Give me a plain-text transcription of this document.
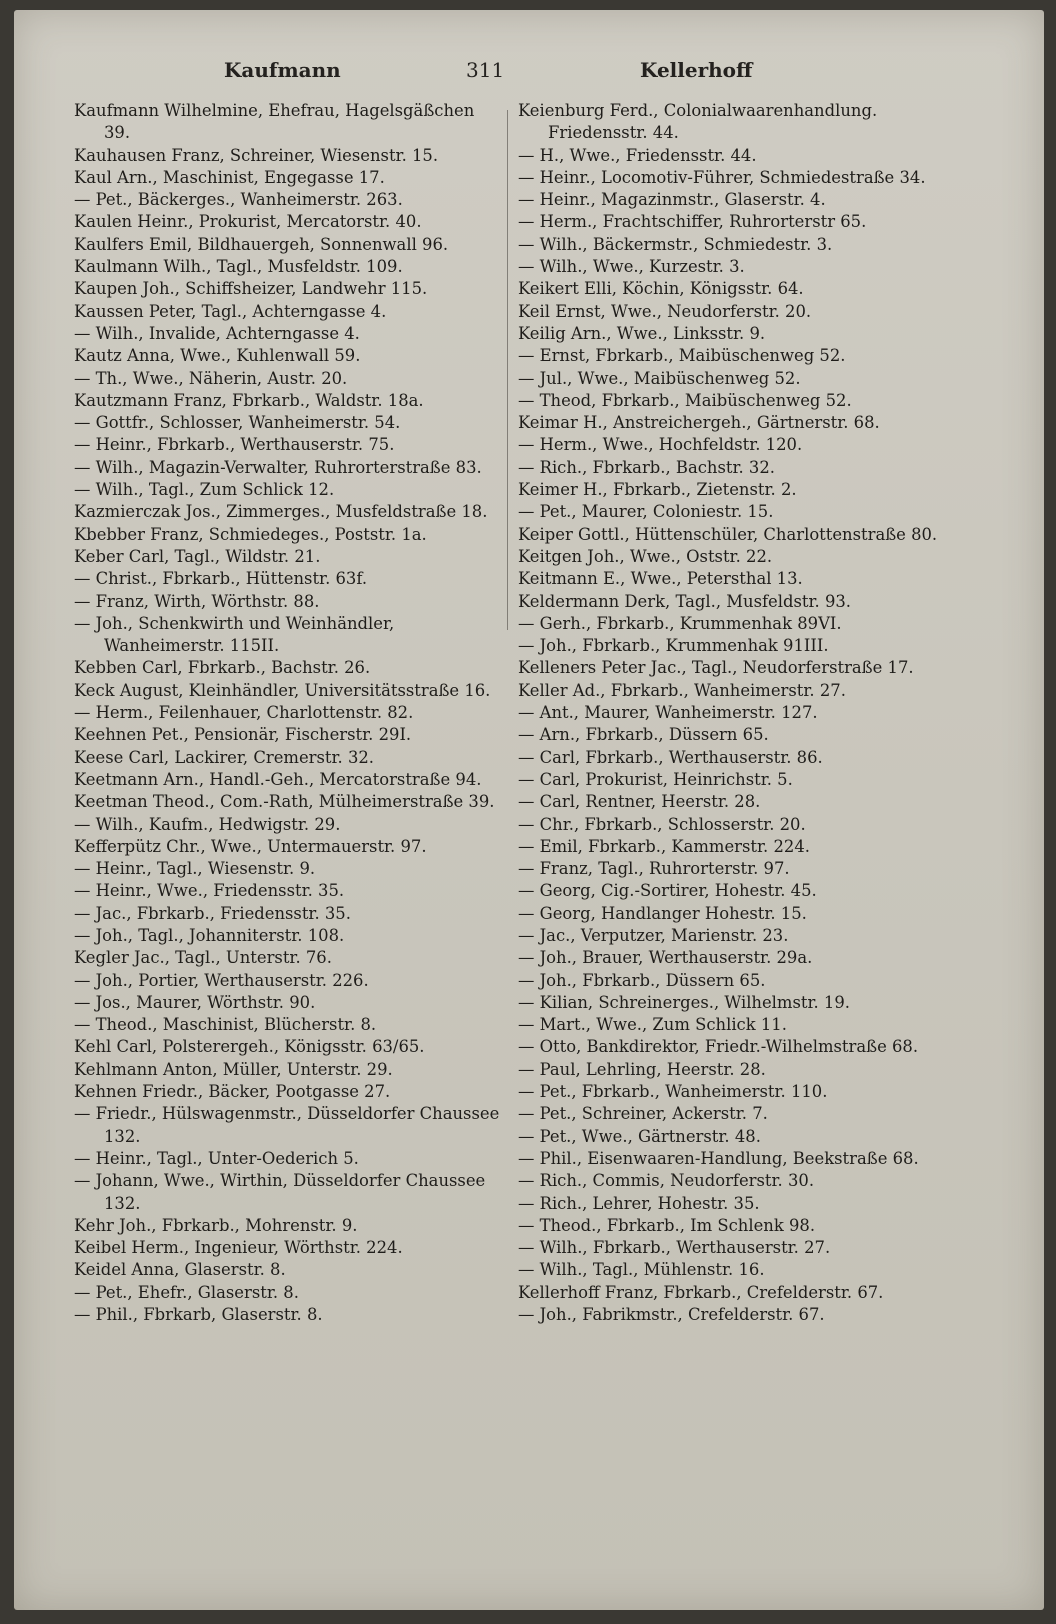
Kaufmann	311	Kellerhoff

Kaufmann Wilhelmine, Ehefrau, Hagelsgäßchen 39.

Kauhausen Franz, Schreiner, Wiesenstr. 15.

Kaul Arn., Maschinist, Engegasse 17.

— Pet., Bäckerges., Wanheimerstr. 263.

Kaulen Heinr., Prokurist, Mercatorstr. 40.

Kaulfers Emil, Bildhauergeh, Sonnenwall 96.

Kaulmann Wilh., Tagl., Musfeldstr. 109.

Kaupen Joh., Schiffsheizer, Landwehr 115.

Kaussen Peter, Tagl., Achterngasse 4.

— Wilh., Invalide, Achterngasse 4.

Kautz Anna, Wwe., Kuhlenwall 59.

— Th., Wwe., Näherin, Austr. 20.

Kautzmann Franz, Fbrkarb., Waldstr. 18a.

— Gottfr., Schlosser, Wanheimerstr. 54.

— Heinr., Fbrkarb., Werthauserstr. 75.

— Wilh., Magazin-Verwalter, Ruhrorterstraße 83.

— Wilh., Tagl., Zum Schlick 12.

Kazmierczak Jos., Zimmerges., Musfeldstraße 18.

Kbebber Franz, Schmiedeges., Poststr. 1a.

Keber Carl, Tagl., Wildstr. 21.

— Christ., Fbrkarb., Hüttenstr. 63f.

— Franz, Wirth, Wörthstr. 88.

— Joh., Schenkwirth und Weinhändler, Wanheimerstr. 115II.

Kebben Carl, Fbrkarb., Bachstr. 26.

Keck August, Kleinhändler, Universitätsstraße 16.

— Herm., Feilenhauer, Charlottenstr. 82.

Keehnen Pet., Pensionär, Fischerstr. 29I.

Keese Carl, Lackirer, Cremerstr. 32.

Keetmann Arn., Handl.-Geh., Mercatorstraße 94.

Keetman Theod., Com.-Rath, Mülheimerstraße 39.

— Wilh., Kaufm., Hedwigstr. 29.

Kefferpütz Chr., Wwe., Untermauerstr. 97.

— Heinr., Tagl., Wiesenstr. 9.

— Heinr., Wwe., Friedensstr. 35.

— Jac., Fbrkarb., Friedensstr. 35.

— Joh., Tagl., Johanniterstr. 108.

Kegler Jac., Tagl., Unterstr. 76.

— Joh., Portier, Werthauserstr. 226.

— Jos., Maurer, Wörthstr. 90.

— Theod., Maschinist, Blücherstr. 8.

Kehl Carl, Polsterergeh., Königsstr. 63/65.

Kehlmann Anton, Müller, Unterstr. 29.

Kehnen Friedr., Bäcker, Pootgasse 27.

— Friedr., Hülswagenmstr., Düsseldorfer Chaussee 132.

— Heinr., Tagl., Unter-Oederich 5.

— Johann, Wwe., Wirthin, Düsseldorfer Chaussee 132.

Kehr Joh., Fbrkarb., Mohrenstr. 9.

Keibel Herm., Ingenieur, Wörthstr. 224.

Keidel Anna, Glaserstr. 8.

— Pet., Ehefr., Glaserstr. 8.

— Phil., Fbrkarb, Glaserstr. 8.

Keienburg Ferd., Colonialwaarenhandlung. Friedensstr. 44.

— H., Wwe., Friedensstr. 44.

— Heinr., Locomotiv-Führer, Schmiedestraße 34.

— Heinr., Magazinmstr., Glaserstr. 4.

— Herm., Frachtschiffer, Ruhrorterstr 65.

— Wilh., Bäckermstr., Schmiedestr. 3.

— Wilh., Wwe., Kurzestr. 3.

Keikert Elli, Köchin, Königsstr. 64.

Keil Ernst, Wwe., Neudorferstr. 20.

Keilig Arn., Wwe., Linksstr. 9.

— Ernst, Fbrkarb., Maibüschenweg 52.

— Jul., Wwe., Maibüschenweg 52.

— Theod, Fbrkarb., Maibüschenweg 52.

Keimar H., Anstreichergeh., Gärtnerstr. 68.

— Herm., Wwe., Hochfeldstr. 120.

— Rich., Fbrkarb., Bachstr. 32.

Keimer H., Fbrkarb., Zietenstr. 2.

— Pet., Maurer, Coloniestr. 15.

Keiper Gottl., Hüttenschüler, Charlottenstraße 80.

Keitgen Joh., Wwe., Oststr. 22.

Keitmann E., Wwe., Petersthal 13.

Keldermann Derk, Tagl., Musfeldstr. 93.

— Gerh., Fbrkarb., Krummenhak 89VI.

— Joh., Fbrkarb., Krummenhak 91III.

Kelleners Peter Jac., Tagl., Neudorferstraße 17.

Keller Ad., Fbrkarb., Wanheimerstr. 27.

— Ant., Maurer, Wanheimerstr. 127.

— Arn., Fbrkarb., Düssern 65.

— Carl, Fbrkarb., Werthauserstr. 86.

— Carl, Prokurist, Heinrichstr. 5.

— Carl, Rentner, Heerstr. 28.

— Chr., Fbrkarb., Schlosserstr. 20.

— Emil, Fbrkarb., Kammerstr. 224.

— Franz, Tagl., Ruhrorterstr. 97.

— Georg, Cig.-Sortirer, Hohestr. 45.

— Georg, Handlanger Hohestr. 15.

— Jac., Verputzer, Marienstr. 23.

— Joh., Brauer, Werthauserstr. 29a.

— Joh., Fbrkarb., Düssern 65.

— Kilian, Schreinerges., Wilhelmstr. 19.

— Mart., Wwe., Zum Schlick 11.

— Otto, Bankdirektor, Friedr.-Wilhelmstraße 68.

— Paul, Lehrling, Heerstr. 28.

— Pet., Fbrkarb., Wanheimerstr. 110.

— Pet., Schreiner, Ackerstr. 7.

— Pet., Wwe., Gärtnerstr. 48.

— Phil., Eisenwaaren-Handlung, Beekstraße 68.

— Rich., Commis, Neudorferstr. 30.

— Rich., Lehrer, Hohestr. 35.

— Theod., Fbrkarb., Im Schlenk 98.

— Wilh., Fbrkarb., Werthauserstr. 27.

— Wilh., Tagl., Mühlenstr. 16.

Kellerhoff Franz, Fbrkarb., Crefelderstr. 67.

— Joh., Fabrikmstr., Crefelderstr. 67.
